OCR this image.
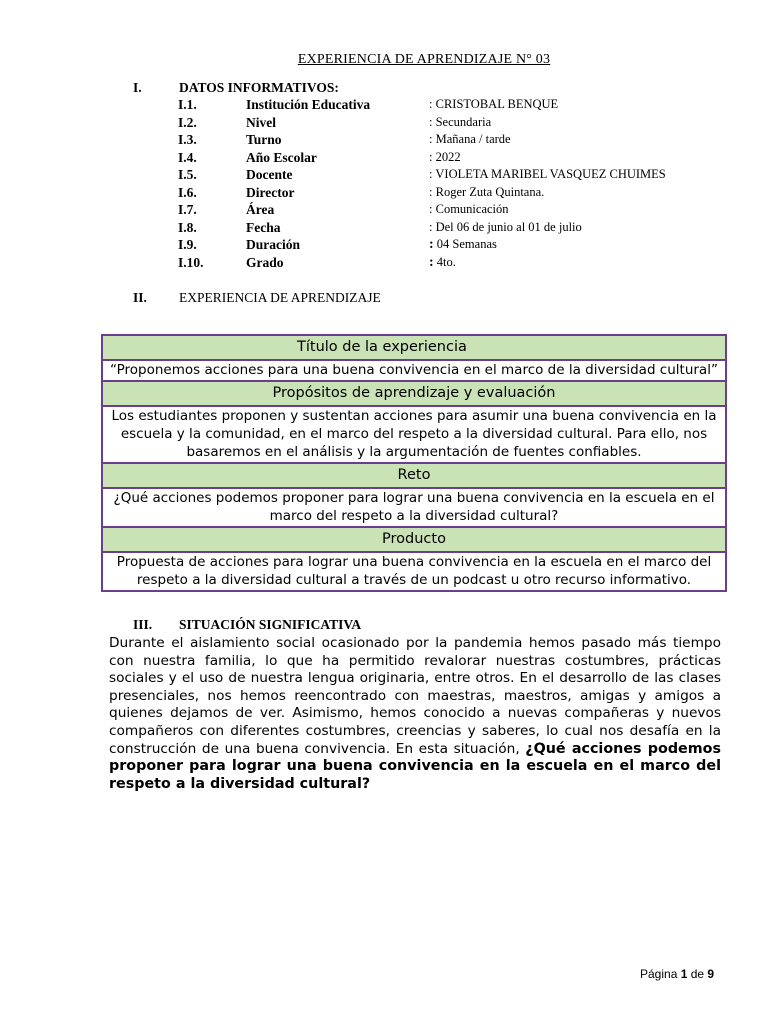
EXPERIENCIA DE APRENDIZAJE N° 03
I.	DATOS INFORMATIVOS:
I.1.	Institución Educativa	: CRISTOBAL BENQUE
I.2.	Nivel	: Secundaria
I.3.	Turno	: Mañana / tarde
I.4.	Año Escolar	: 2022
I.5.	Docente	: VIOLETA MARIBEL VASQUEZ CHUIMES
I.6.	Director	: Roger Zuta Quintana.
I.7.	Área	: Comunicación
I.8.	Fecha	: Del 06 de junio al 01 de julio
I.9.	Duración	: 04 Semanas
I.10.	Grado	: 4to.
II. EXPERIENCIA DE APRENDIZAJE
Título de la experiencia
“Proponemos acciones para una buena convivencia en el marco de la diversidad cultural”
Propósitos de aprendizaje y evaluación
Los estudiantes proponen y sustentan acciones para asumir una buena convivencia en la escuela y la comunidad, en el marco del respeto a la diversidad cultural. Para ello, nos basaremos en el análisis y la argumentación de fuentes confiables.
Reto
¿Qué acciones podemos proponer para lograr una buena convivencia en la escuela en el marco del respeto a la diversidad cultural?
Producto
Propuesta de acciones para lograr una buena convivencia en la escuela en el marco del respeto a la diversidad cultural a través de un podcast u otro recurso informativo.
III. SITUACIÓN SIGNIFICATIVA
Durante el aislamiento social ocasionado por la pandemia hemos pasado más tiempo con nuestra familia, lo que ha permitido revalorar nuestras costumbres, prácticas sociales y el uso de nuestra lengua originaria, entre otros. En el desarrollo de las clases presenciales, nos hemos reencontrado con maestras, maestros, amigas y amigos a quienes dejamos de ver. Asimismo, hemos conocido a nuevas compañeras y nuevos compañeros con diferentes costumbres, creencias y saberes, lo cual nos desafía en la construcción de una buena convivencia. En esta situación, ¿Qué acciones podemos proponer para lograr una buena convivencia en la escuela en el marco del respeto a la diversidad cultural?
Página 1 de 9
